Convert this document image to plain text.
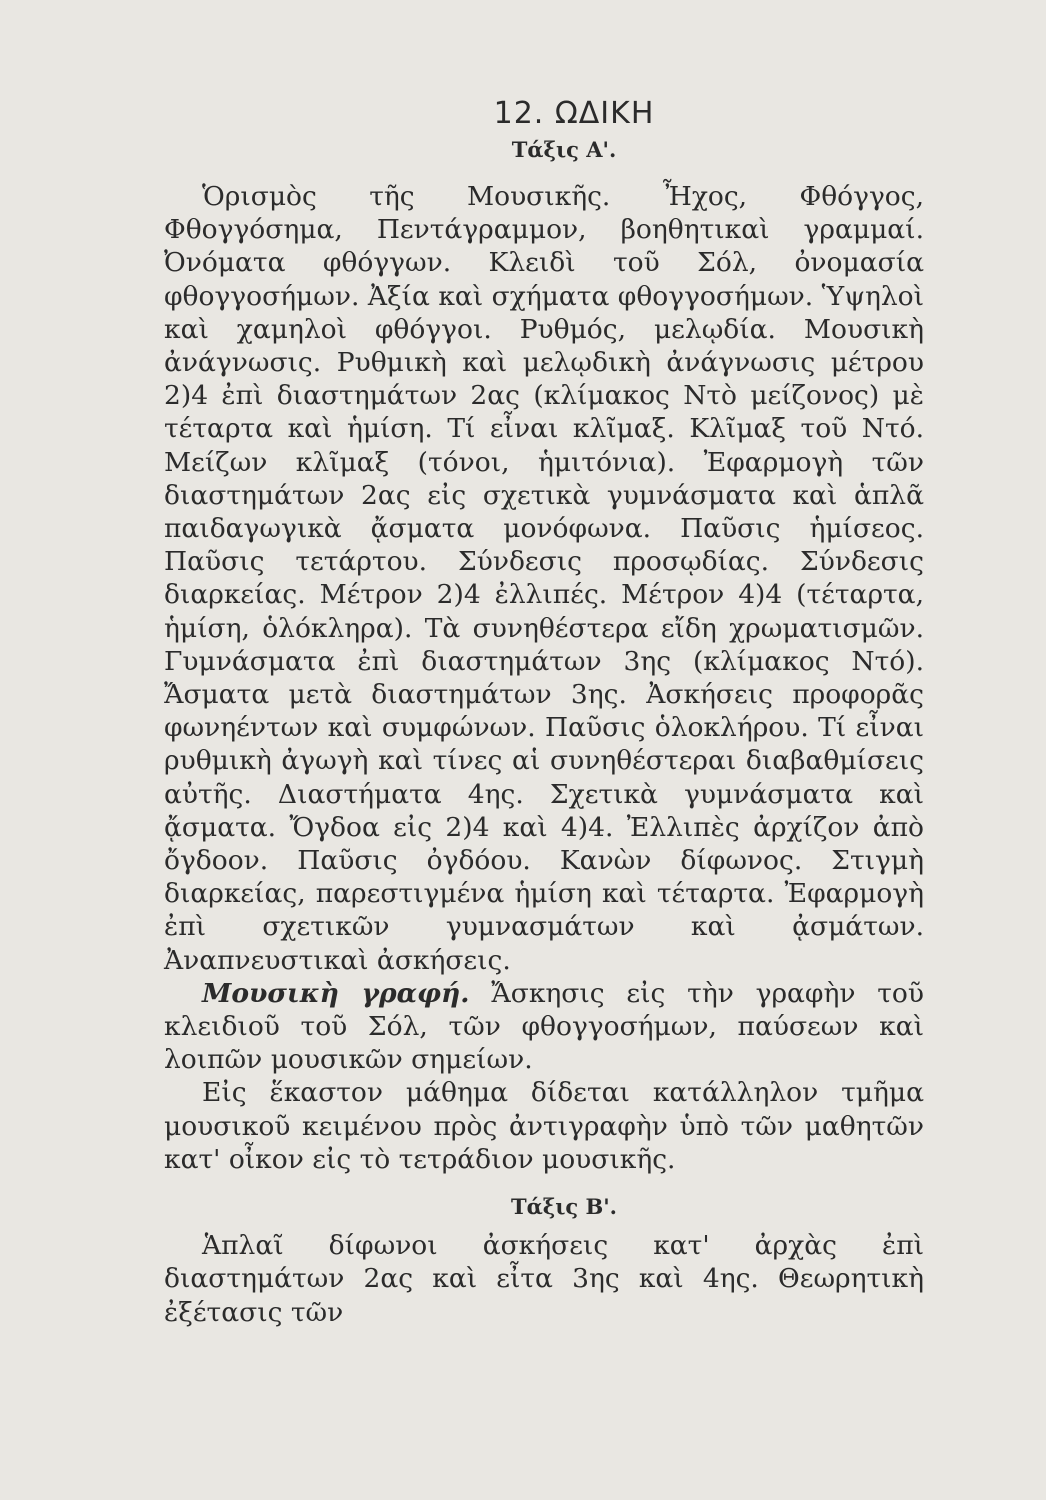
12. ΩΔΙΚΗ
Τάξις Α'.

Ὁρισμὸς τῆς Μουσικῆς. Ἦχος, Φθόγγος, Φθογγόσημα, Πεντάγραμμον, βοηθητικαὶ γραμμαί. Ὀνόματα φθόγγων. Κλειδὶ τοῦ Σόλ, ὀνομασία φθογγοσήμων. Ἀξία καὶ σχήματα φθογγοσήμων. Ὑψηλοὶ καὶ χαμηλοὶ φθόγγοι. Ρυθμός, μελῳδία. Μουσικὴ ἀνάγνωσις. Ρυθμικὴ καὶ μελῳδικὴ ἀνάγνωσις μέτρου 2)4 ἐπὶ διαστημάτων 2ας (κλίμακος Ντὸ μείζονος) μὲ τέταρτα καὶ ἡμίση. Τί εἶναι κλῖμαξ. Κλῖμαξ τοῦ Ντό. Μείζων κλῖμαξ (τόνοι, ἡμιτόνια). Ἐφαρμογὴ τῶν διαστημάτων 2ας εἰς σχετικὰ γυμνάσματα καὶ ἁπλᾶ παιδαγωγικὰ ᾄσματα μονόφωνα. Παῦσις ἡμίσεος. Παῦσις τετάρτου. Σύνδεσις προσῳδίας. Σύνδεσις διαρκείας. Μέτρον 2)4 ἐλλιπές. Μέτρον 4)4 (τέταρτα, ἡμίση, ὁλόκληρα). Τὰ συνηθέστερα εἴδη χρωματισμῶν. Γυμνάσματα ἐπὶ διαστημάτων 3ης (κλίμακος Ντό). Ἄσματα μετὰ διαστημάτων 3ης. Ἀσκήσεις προφορᾶς φωνηέντων καὶ συμφώνων. Παῦσις ὁλοκλήρου. Τί εἶναι ρυθμικὴ ἀγωγὴ καὶ τίνες αἱ συνηθέστεραι διαβαθμίσεις αὐτῆς. Διαστήματα 4ης. Σχετικὰ γυμνάσματα καὶ ᾄσματα. Ὄγδοα εἰς 2)4 καὶ 4)4. Ἐλλιπὲς ἀρχίζον ἀπὸ ὄγδοον. Παῦσις ὀγδόου. Κανὼν δίφωνος. Στιγμὴ διαρκείας, παρεστιγμένα ἡμίση καὶ τέταρτα. Ἐφαρμογὴ ἐπὶ σχετικῶν γυμνασμάτων καὶ ᾀσμάτων. Ἀναπνευστικαὶ ἀσκήσεις.

Μουσικὴ γραφή. Ἄσκησις εἰς τὴν γραφὴν τοῦ κλειδιοῦ τοῦ Σόλ, τῶν φθογγοσήμων, παύσεων καὶ λοιπῶν μουσικῶν σημείων.

Εἰς ἕκαστον μάθημα δίδεται κατάλληλον τμῆμα μουσικοῦ κειμένου πρὸς ἀντιγραφὴν ὑπὸ τῶν μαθητῶν κατ' οἶκον εἰς τὸ τετράδιον μουσικῆς.

Τάξις Β'.

Ἁπλαῖ δίφωνοι ἀσκήσεις κατ' ἀρχὰς ἐπὶ διαστημάτων 2ας καὶ εἶτα 3ης καὶ 4ης. Θεωρητικὴ ἐξέτασις τῶν
